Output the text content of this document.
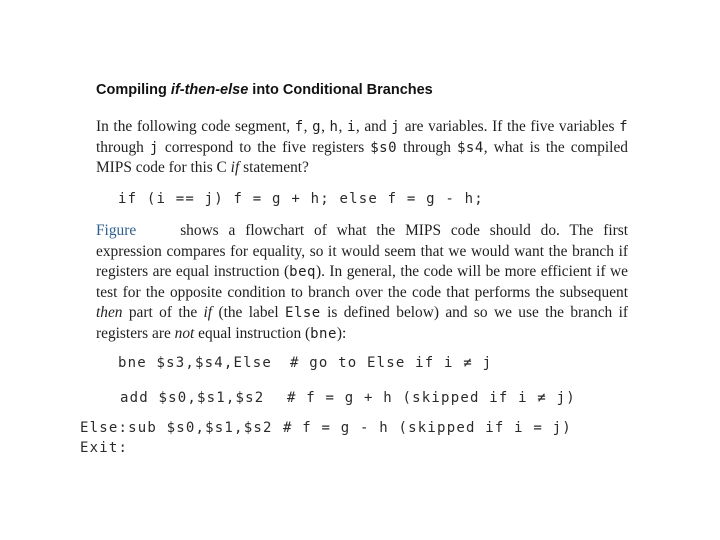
Compiling if-then-else into Conditional Branches
In the following code segment, f, g, h, i, and j are variables. If the five variables f through j correspond to the five registers $s0 through $s4, what is the compiled MIPS code for this C if statement?
if (i == j) f = g + h; else f = g - h;
Figure	shows a flowchart of what the MIPS code should do. The first expression compares for equality, so it would seem that we would want the branch if registers are equal instruction (beq). In general, the code will be more efficient if we test for the opposite condition to branch over the code that performs the subsequent then part of the if (the label Else is defined below) and so we use the branch if registers are not equal instruction (bne):
bne $s3,$s4,Else # go to Else if i ≠ j
add $s0,$s1,$s2 # f = g + h (skipped if i ≠ j)
Else:sub $s0,$s1,$s2 # f = g - h (skipped if i = j)
Exit:
